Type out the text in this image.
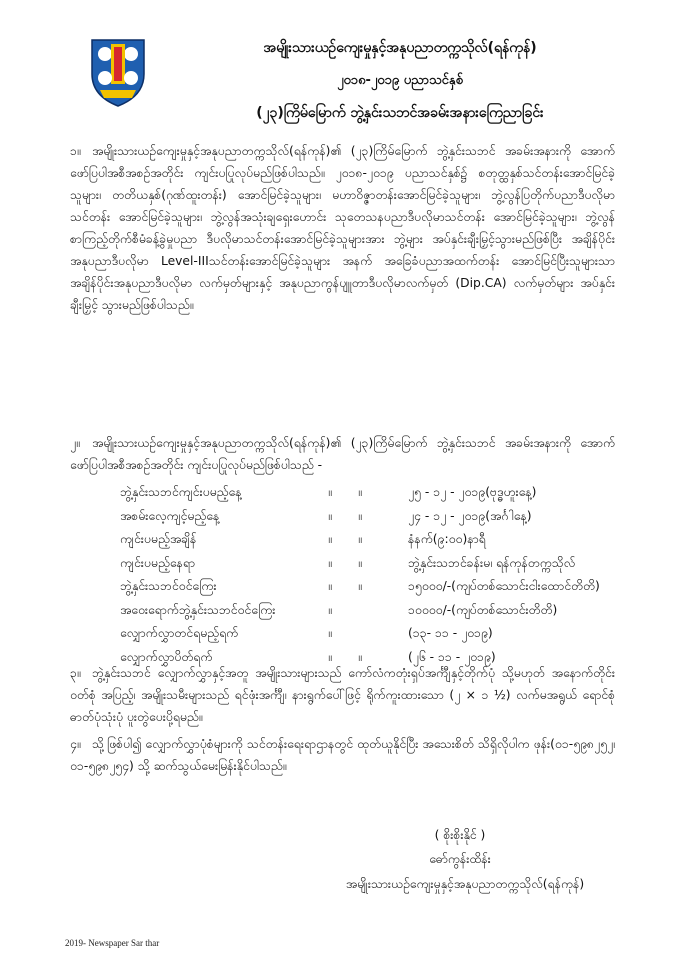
အမျိုးသားယဉ်ကျေးမှုနှင့်အနုပညာတက္ကသိုလ်(ရန်ကုန်)
၂၀၁၈-၂၀၁၉ ပညာသင်နှစ်
(၂၃)ကြိမ်မြောက် ဘွဲ့နှင်းသဘင်အခမ်းအနားကြေညာခြင်း
၁။ အမျိုးသားယဉ်ကျေးမှုနှင့်အနုပညာတက္ကသိုလ်(ရန်ကုန်)၏ (၂၃)ကြိမ်မြောက် ဘွဲ့နှင်းသဘင် အခမ်းအနားကို အောက်ဖော်ပြပါအစီအစဉ်အတိုင်း ကျင်းပပြုလုပ်မည်ဖြစ်ပါသည်။ ၂၀၁၈-၂၀၁၉ ပညာသင်နှစ်၌ စတုတ္ထနှစ်သင်တန်းအောင်မြင်ခဲ့သူများ၊ တတိယနှစ်(ဂုဏ်ထူးတန်း) အောင်မြင်ခဲ့သူများ၊ မဟာဝိဇ္ဇာတန်းအောင်မြင်ခဲ့သူများ၊ ဘွဲ့လွန်ပြတိုက်ပညာဒီပလိုမာသင်တန်း အောင်မြင်ခဲ့သူများ၊ ဘွဲ့လွန်အသုံးချရှေးဟောင်း သုတေသနပညာဒီပလိုမာသင်တန်း အောင်မြင်ခဲ့သူများ၊ ဘွဲ့လွန်စာကြည့်တိုက်စီမံခန့်ခွဲမှုပညာ ဒီပလိုမာသင်တန်းအောင်မြင်ခဲ့သူများအား ဘွဲ့များ အပ်နှင်းချီးမြှင့်သွားမည်ဖြစ်ပြီး အချိန်ပိုင်းအနုပညာဒီပလိုမာ Level-IIIသင်တန်းအောင်မြင်ခဲ့သူများ အနက် အခြေခံပညာအထက်တန်း အောင်မြင်ပြီးသူများသာ အချိန်ပိုင်းအနုပညာဒီပလိုမာ လက်မှတ်များနှင့် အနုပညာကွန်ပျူတာဒီပလိုမာလက်မှတ် (Dip.CA) လက်မှတ်များ အပ်နှင်းချီးမြှင့် သွားမည်ဖြစ်ပါသည်။
၂။ အမျိုးသားယဉ်ကျေးမှုနှင့်အနုပညာတက္ကသိုလ်(ရန်ကုန်)၏ (၂၃)ကြိမ်မြောက် ဘွဲ့နှင်းသဘင် အခမ်းအနားကို အောက်ဖော်ပြပါအစီအစဉ်အတိုင်း ကျင်းပပြုလုပ်မည်ဖြစ်ပါသည် -
ဘွဲ့နှင်းသဘင်ကျင်းပမည့်နေ့	။ ။	၂၅ - ၁၂ - ၂၀၁၉(ဗုဒ္ဓဟူးနေ့)
အစမ်းလေ့ကျင့်မည့်နေ့	။ ။	၂၄ - ၁၂ - ၂၀၁၉(အင်္ဂါနေ့)
ကျင်းပမည့်အချိန်	။ ။	နံနက်(၉:၀၀)နာရီ
ကျင်းပမည့်နေရာ	။ ။	ဘွဲ့နှင်းသဘင်ခန်းမ၊ ရန်ကုန်တက္ကသိုလ်
ဘွဲ့နှင်းသဘင်ဝင်ကြေး	။ ။	၁၅၀၀၀/-(ကျပ်တစ်သောင်းငါးထောင်တိတိ)
အဝေးရောက်ဘွဲ့နှင်းသဘင်ဝင်ကြေး	။	၁၀၀၀၀/-(ကျပ်တစ်သောင်းတိတိ)
လျှောက်လွှာတင်ရမည့်ရက်	။	(၁၃- ၁၁ - ၂၀၁၉)
လျှောက်လွှာပိတ်ရက်	။ ။	(၂၆ - ၁၁ - ၂၀၁၉)
၃။ ဘွဲ့နှင်းသဘင် လျှောက်လွှာနှင့်အတူ အမျိုးသားများသည် ကော်လံကတုံးရှပ်အင်္ကျီနှင့်တိုက်ပုံ သို့မဟုတ် အနောက်တိုင်းဝတ်စုံ အပြည့်၊ အမျိုးသမီးများသည် ရင်ဖုံးအင်္ကျီ၊ နားရွက်ပေါ်ဖြင့် ရိုက်ကူးထားသော (၂ × ၁ ½) လက်မအရွယ် ရောင်စုံဓာတ်ပုံသုံးပုံ ပူးတွဲပေးပို့ရမည်။
၄။ သို့ဖြစ်ပါ၍ လျှောက်လွှာပုံစံများကို သင်တန်းရေးရာဌာနတွင် ထုတ်ယူနိုင်ပြီး အသေးစိတ် သိရှိလိုပါက ဖုန်း(၀၁-၅၉၈၂၅၂၊ ၀၁-၅၉၈၂၅၄) သို့ ဆက်သွယ်မေးမြန်းနိုင်ပါသည်။
( စိုးစိုးနိုင် )
ဓော်ကွန်းထိန်း
အမျိုးသားယဉ်ကျေးမှုနှင့်အနုပညာတက္ကသိုလ်(ရန်ကုန်)
2019- Newspaper Sar thar
